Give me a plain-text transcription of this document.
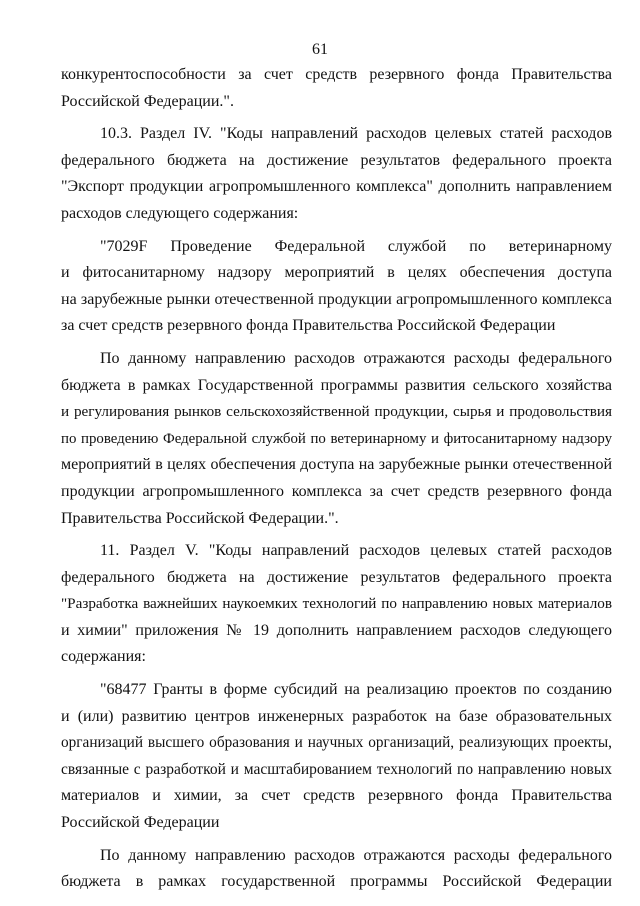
61
конкурентоспособности за счет средств резервного фонда Правительства
Российской Федерации.".
10.3. Раздел IV. "Коды направлений расходов целевых статей расходов
федерального бюджета на достижение результатов федерального проекта
"Экспорт продукции агропромышленного комплекса" дополнить направлением
расходов следующего содержания:
"7029F Проведение Федеральной службой по ветеринарному
и фитосанитарному надзору мероприятий в целях обеспечения доступа
на зарубежные рынки отечественной продукции агропромышленного комплекса
за счет средств резервного фонда Правительства Российской Федерации
По данному направлению расходов отражаются расходы федерального
бюджета в рамках Государственной программы развития сельского хозяйства
и регулирования рынков сельскохозяйственной продукции, сырья и продовольствия
по проведению Федеральной службой по ветеринарному и фитосанитарному надзору
мероприятий в целях обеспечения доступа на зарубежные рынки отечественной
продукции агропромышленного комплекса за счет средств резервного фонда
Правительства Российской Федерации.".
11. Раздел V. "Коды направлений расходов целевых статей расходов
федерального бюджета на достижение результатов федерального проекта
"Разработка важнейших наукоемких технологий по направлению новых материалов
и химии" приложения № 19 дополнить направлением расходов следующего
содержания:
"68477 Гранты в форме субсидий на реализацию проектов по созданию
и (или) развитию центров инженерных разработок на базе образовательных
организаций высшего образования и научных организаций, реализующих проекты,
связанные с разработкой и масштабированием технологий по направлению новых
материалов и химии, за счет средств резервного фонда Правительства
Российской Федерации
По данному направлению расходов отражаются расходы федерального
бюджета в рамках государственной программы Российской Федерации
